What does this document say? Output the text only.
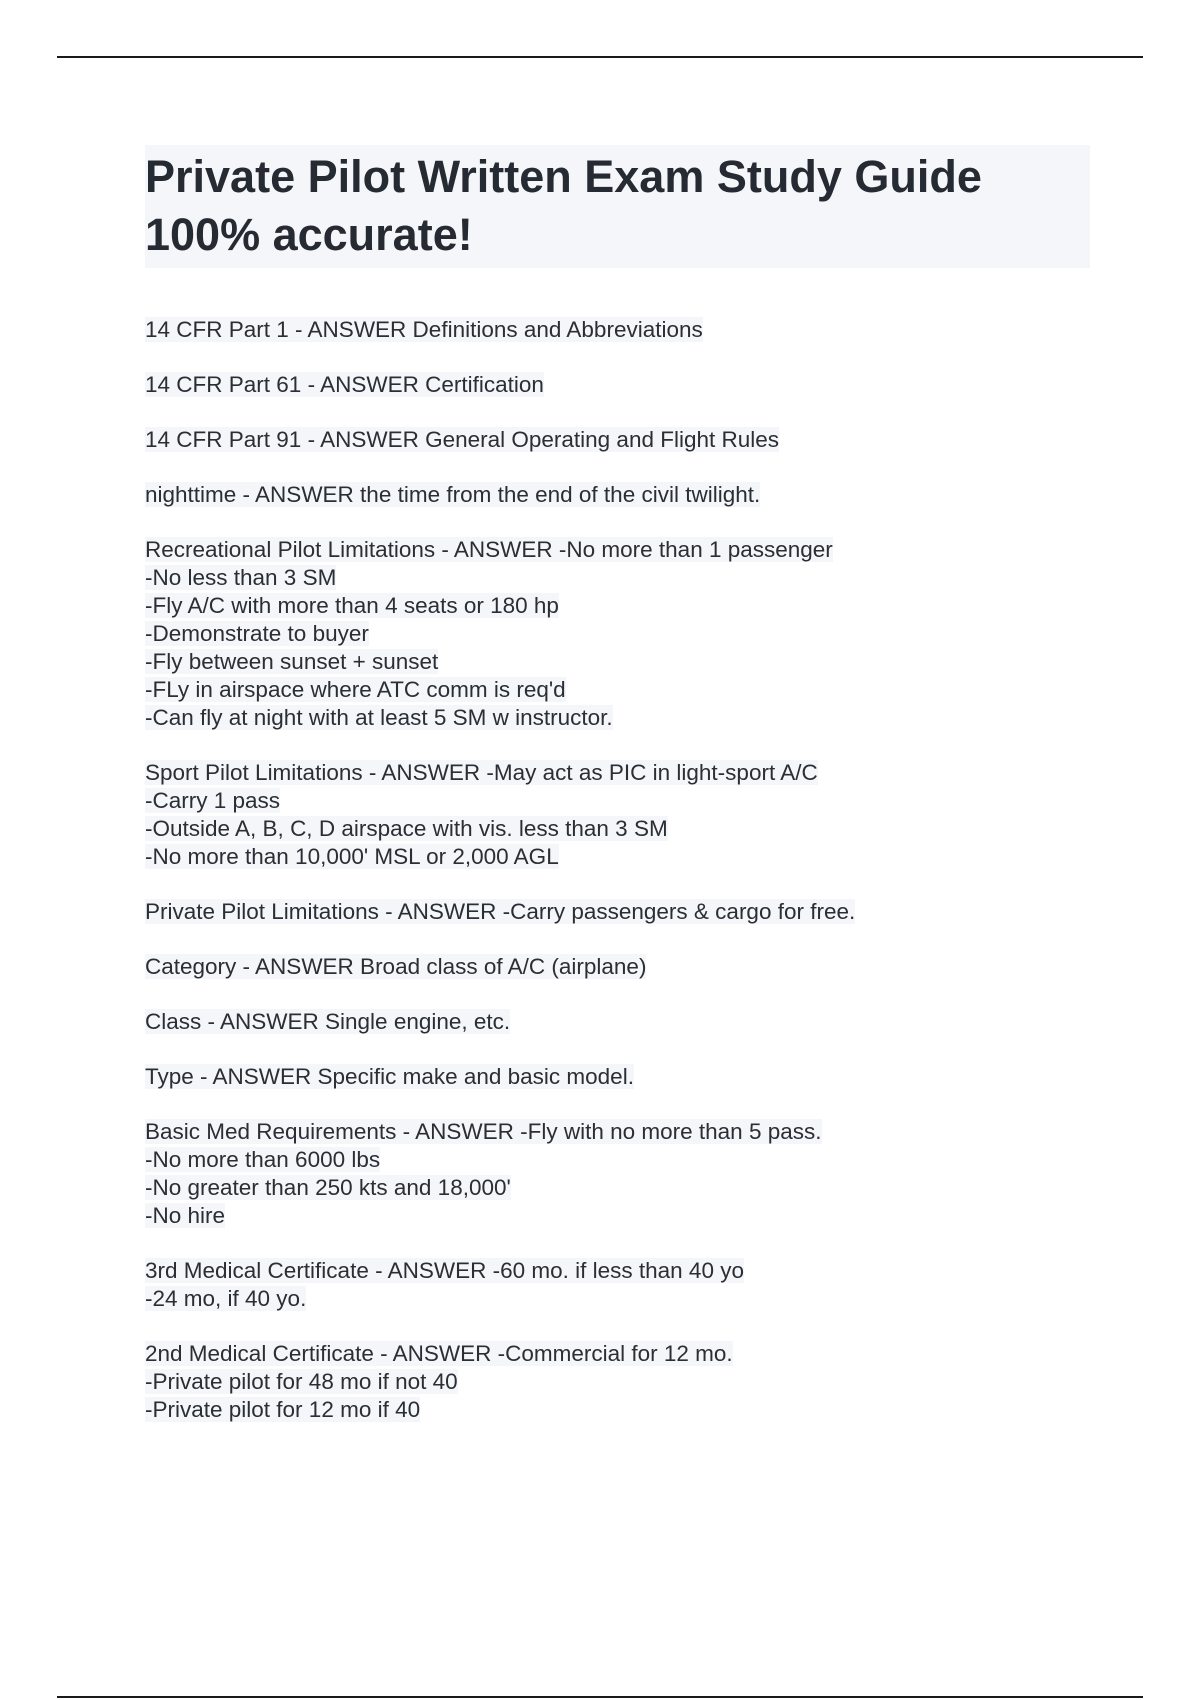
Private Pilot Written Exam Study Guide
100% accurate!

14 CFR Part 1 - ANSWER Definitions and Abbreviations

14 CFR Part 61 - ANSWER Certification

14 CFR Part 91 - ANSWER General Operating and Flight Rules

nighttime - ANSWER the time from the end of the civil twilight.

Recreational Pilot Limitations - ANSWER -No more than 1 passenger
-No less than 3 SM
-Fly A/C with more than 4 seats or 180 hp
-Demonstrate to buyer
-Fly between sunset + sunset
-FLy in airspace where ATC comm is req'd
-Can fly at night with at least 5 SM w instructor.

Sport Pilot Limitations - ANSWER -May act as PIC in light-sport A/C
-Carry 1 pass
-Outside A, B, C, D airspace with vis. less than 3 SM
-No more than 10,000' MSL or 2,000 AGL

Private Pilot Limitations - ANSWER -Carry passengers & cargo for free.

Category - ANSWER Broad class of A/C (airplane)

Class - ANSWER Single engine, etc.

Type - ANSWER Specific make and basic model.

Basic Med Requirements - ANSWER -Fly with no more than 5 pass.
-No more than 6000 lbs
-No greater than 250 kts and 18,000'
-No hire

3rd Medical Certificate - ANSWER -60 mo. if less than 40 yo
-24 mo, if 40 yo.

2nd Medical Certificate - ANSWER -Commercial for 12 mo.
-Private pilot for 48 mo if not 40
-Private pilot for 12 mo if 40
